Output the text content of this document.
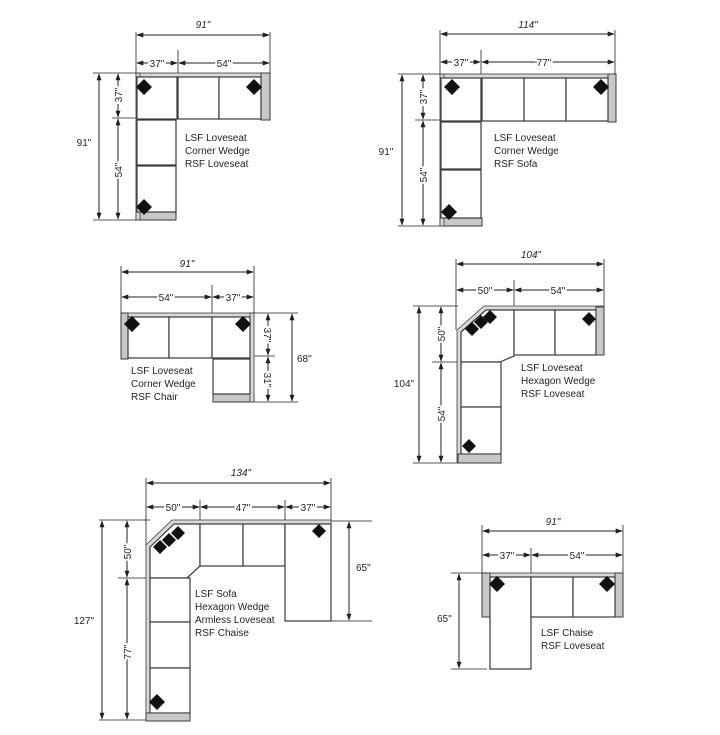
91"
37"	54"
91"
37"
54"
LSF Loveseat
Corner Wedge
RSF Loveseat
114"
37"	77"
91"
37"
54"
LSF Loveseat
Corner Wedge
RSF Sofa
91"
54"	37"
37"
31"
68"
LSF Loveseat
Corner Wedge
RSF Chair
104"
50"	54"
104"
50"
54"
LSF Loveseat
Hexagon Wedge
RSF Loveseat
134"
50"	47"	37"
127"
50"
77"
65"
LSF Sofa
Hexagon Wedge
Armless Loveseat
RSF Chaise
91"
37"	54"
65"
LSF Chaise
RSF Loveseat
